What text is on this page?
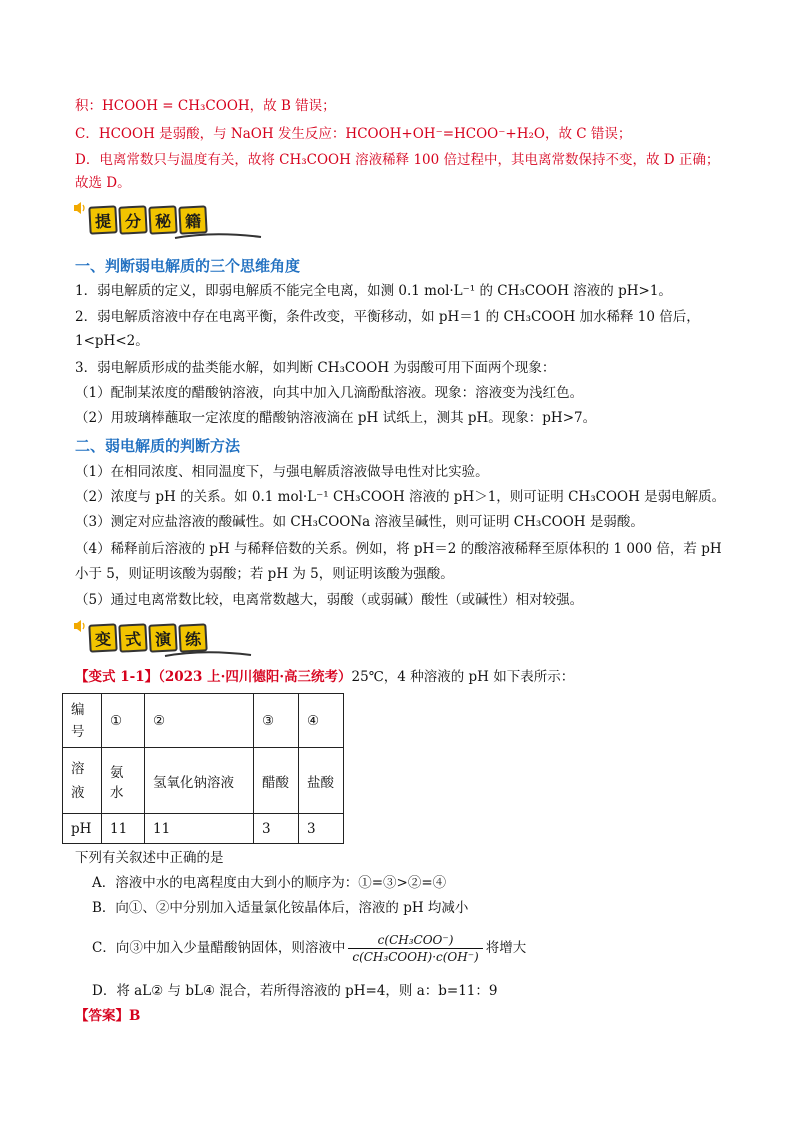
积：HCOOH = CH₃COOH，故 B 错误；
C．HCOOH 是弱酸，与 NaOH 发生反应：HCOOH+OH⁻=HCOO⁻+H₂O，故 C 错误；
D．电离常数只与温度有关，故将 CH₃COOH 溶液稀释 100 倍过程中，其电离常数保持不变，故 D 正确；
故选 D。
提 分 秘 籍
一、判断弱电解质的三个思维角度
1．弱电解质的定义，即弱电解质不能完全电离，如测 0.1 mol·L⁻¹ 的 CH₃COOH 溶液的 pH>1。
2．弱电解质溶液中存在电离平衡，条件改变，平衡移动，如 pH＝1 的 CH₃COOH 加水稀释 10 倍后，
1<pH<2。
3．弱电解质形成的盐类能水解，如判断 CH₃COOH 为弱酸可用下面两个现象：
（1）配制某浓度的醋酸钠溶液，向其中加入几滴酚酞溶液。现象：溶液变为浅红色。
（2）用玻璃棒蘸取一定浓度的醋酸钠溶液滴在 pH 试纸上，测其 pH。现象：pH>7。
二、弱电解质的判断方法
（1）在相同浓度、相同温度下，与强电解质溶液做导电性对比实验。
（2）浓度与 pH 的关系。如 0.1 mol·L⁻¹ CH₃COOH 溶液的 pH＞1，则可证明 CH₃COOH 是弱电解质。
（3）测定对应盐溶液的酸碱性。如 CH₃COONa 溶液呈碱性，则可证明 CH₃COOH 是弱酸。
（4）稀释前后溶液的 pH 与稀释倍数的关系。例如，将 pH＝2 的酸溶液稀释至原体积的 1 000 倍，若 pH
小于 5，则证明该酸为弱酸；若 pH 为 5，则证明该酸为强酸。
（5）通过电离常数比较，电离常数越大，弱酸（或弱碱）酸性（或碱性）相对较强。
变 式 演 练
【变式 1-1】（2023 上·四川德阳·高三统考）25℃，4 种溶液的 pH 如下表所示：
编号	①	②	③	④
溶液	氨水	氢氧化钠溶液	醋酸	盐酸
pH	11	11	3	3
下列有关叙述中正确的是
A．溶液中水的电离程度由大到小的顺序为：①=③>②=④
B．向①、②中分别加入适量氯化铵晶体后，溶液的 pH 均减小
C．向③中加入少量醋酸钠固体，则溶液中 $\frac{\text{c(CH₃COO⁻)}}{\text{c(CH₃COOH)·c(OH⁻)}}$ 将增大
D．将 aL② 与 bL④ 混合，若所得溶液的 pH=4，则 a：b=11：9
【答案】B
